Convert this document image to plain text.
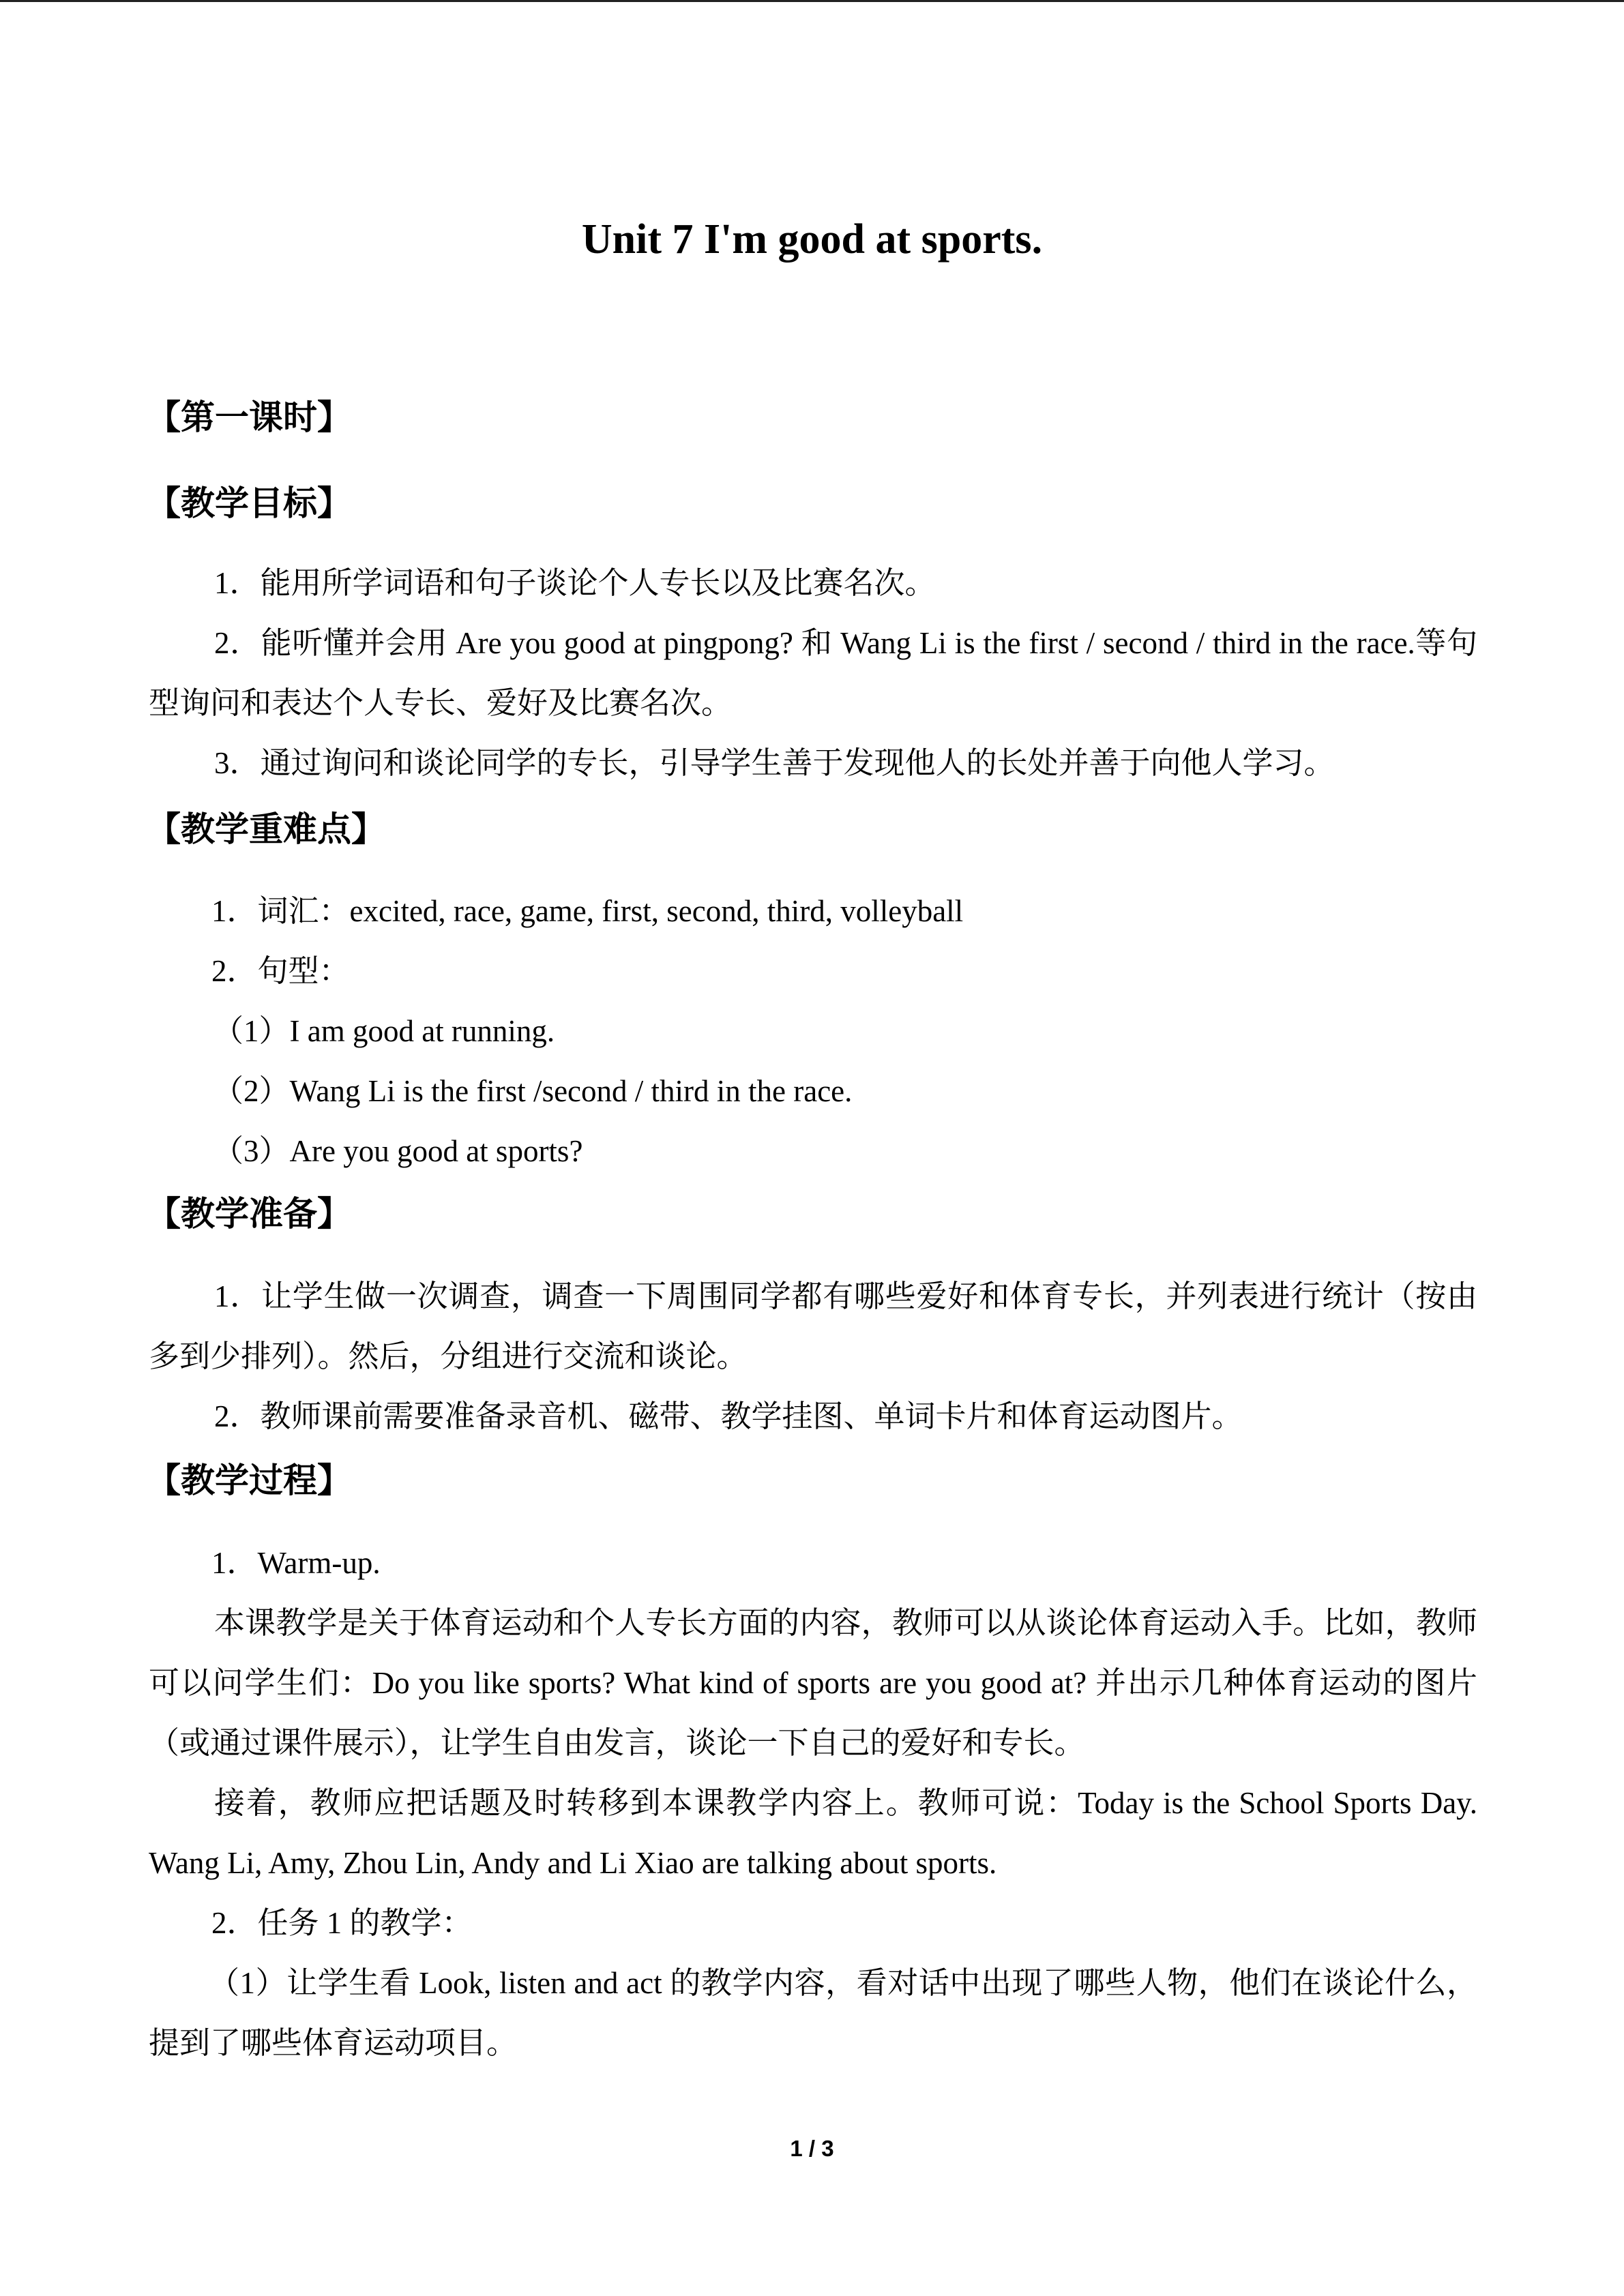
Unit 7 I'm good at sports.
【第一课时】
【教学目标】

1．能用所学词语和句子谈论个人专长以及比赛名次。

2．能听懂并会用 Are you good at pingpong? 和 Wang Li is the first / second / third in the race.等句型询问和表达个人专长、爱好及比赛名次。

3．通过询问和谈论同学的专长，引导学生善于发现他人的长处并善于向他人学习。

【教学重难点】
1．词汇：excited, race, game, first, second, third, volleyball
2．句型：
（1）I am good at running.
（2）Wang Li is the first /second / third in the race.
（3）Are you good at sports?
【教学准备】

1．让学生做一次调查，调查一下周围同学都有哪些爱好和体育专长，并列表进行统计（按由多到少排列）。然后，分组进行交流和谈论。

2．教师课前需要准备录音机、磁带、教学挂图、单词卡片和体育运动图片。

【教学过程】
1．Warm-up.

本课教学是关于体育运动和个人专长方面的内容，教师可以从谈论体育运动入手。比如，教师可以问学生们：Do you like sports? What kind of sports are you good at? 并出示几种体育运动的图片（或通过课件展示），让学生自由发言，谈论一下自己的爱好和专长。

接着，教师应把话题及时转移到本课教学内容上。教师可说：Today is the School Sports Day. Wang Li, Amy, Zhou Lin, Andy and Li Xiao are talking about sports.

2．任务 1 的教学：

（1）让学生看 Look, listen and act 的教学内容，看对话中出现了哪些人物，他们在谈论什么，提到了哪些体育运动项目。

1 / 3
